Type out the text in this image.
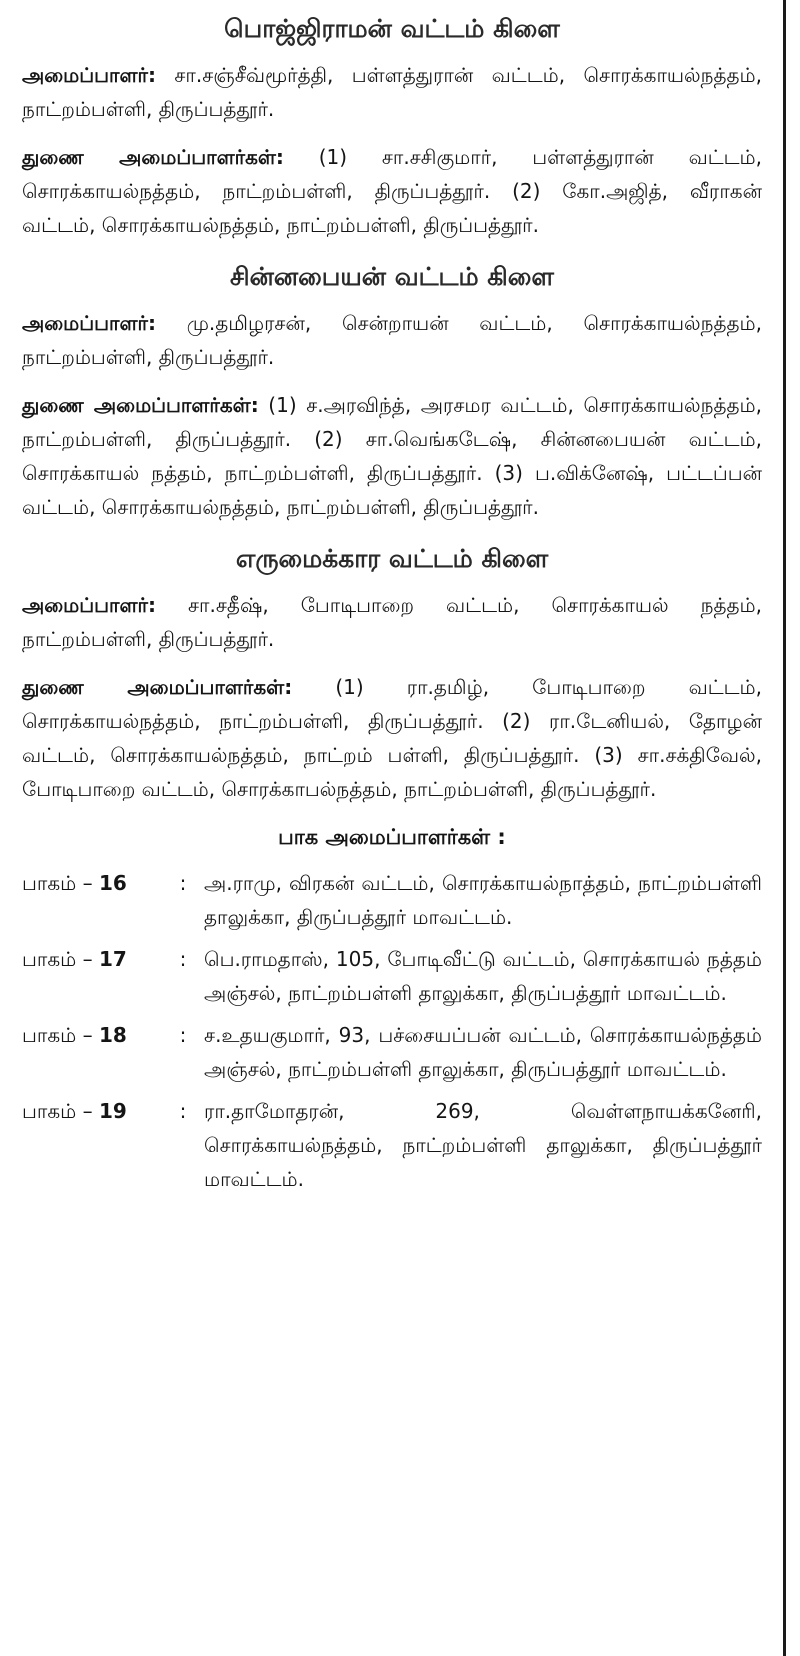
பொஜ்ஜிராமன் வட்டம் கிளை

அமைப்பாளர்: சா.சஞ்சீவ்மூர்த்தி, பள்ளத்துரான் வட்டம், சொரக்காயல்நத்தம், நாட்றம்பள்ளி, திருப்பத்தூர்.

துணை அமைப்பாளர்கள்: (1) சா.சசிகுமார், பள்ளத்துரான் வட்டம், சொரக்காயல்நத்தம், நாட்றம்பள்ளி, திருப்பத்தூர். (2) கோ.அஜித், வீராகன் வட்டம், சொரக்காயல்நத்தம், நாட்றம்பள்ளி, திருப்பத்தூர்.

சின்னபையன் வட்டம் கிளை

அமைப்பாளர்: மு.தமிழரசன், சென்றாயன் வட்டம், சொரக்காயல்நத்தம், நாட்றம்பள்ளி, திருப்பத்தூர்.

துணை அமைப்பாளர்கள்: (1) ச.அரவிந்த், அரசமர வட்டம், சொரக்காயல்நத்தம், நாட்றம்பள்ளி, திருப்பத்தூர். (2) சா.வெங்கடேஷ், சின்னபையன் வட்டம், சொரக்காயல் நத்தம், நாட்றம்பள்ளி, திருப்பத்தூர். (3) ப.விக்னேஷ், பட்டப்பன் வட்டம், சொரக்காயல்நத்தம், நாட்றம்பள்ளி, திருப்பத்தூர்.

எருமைக்கார வட்டம் கிளை

அமைப்பாளர்: சா.சதீஷ், போடிபாறை வட்டம், சொரக்காயல் நத்தம், நாட்றம்பள்ளி, திருப்பத்தூர்.

துணை அமைப்பாளர்கள்: (1) ரா.தமிழ், போடிபாறை வட்டம், சொரக்காயல்நத்தம், நாட்றம்பள்ளி, திருப்பத்தூர். (2) ரா.டேனியல், தோழன் வட்டம், சொரக்காயல்நத்தம், நாட்றம் பள்ளி, திருப்பத்தூர். (3) சா.சக்திவேல், போடிபாறை வட்டம், சொரக்காபல்நத்தம், நாட்றம்பள்ளி, திருப்பத்தூர்.

பாக அமைப்பாளர்கள் :
பாகம் – 16	: அ.ராமு, விரகன் வட்டம், சொரக்காயல்நாத்தம், நாட்றம்பள்ளி தாலுக்கா, திருப்பத்தூர் மாவட்டம்.
பாகம் – 17	: பெ.ராமதாஸ், 105, போடிவீட்டு வட்டம், சொரக்காயல் நத்தம் அஞ்சல், நாட்றம்பள்ளி தாலுக்கா, திருப்பத்தூர் மாவட்டம்.
பாகம் – 18	: ச.உதயகுமார், 93, பச்சையப்பன் வட்டம், சொரக்காயல்நத்தம் அஞ்சல், நாட்றம்பள்ளி தாலுக்கா, திருப்பத்தூர் மாவட்டம்.
பாகம் – 19	: ரா.தாமோதரன், 269, வெள்ளநாயக்கனேரி, சொரக்காயல்நத்தம், நாட்றம்பள்ளி தாலுக்கா, திருப்பத்தூர் மாவட்டம்.
